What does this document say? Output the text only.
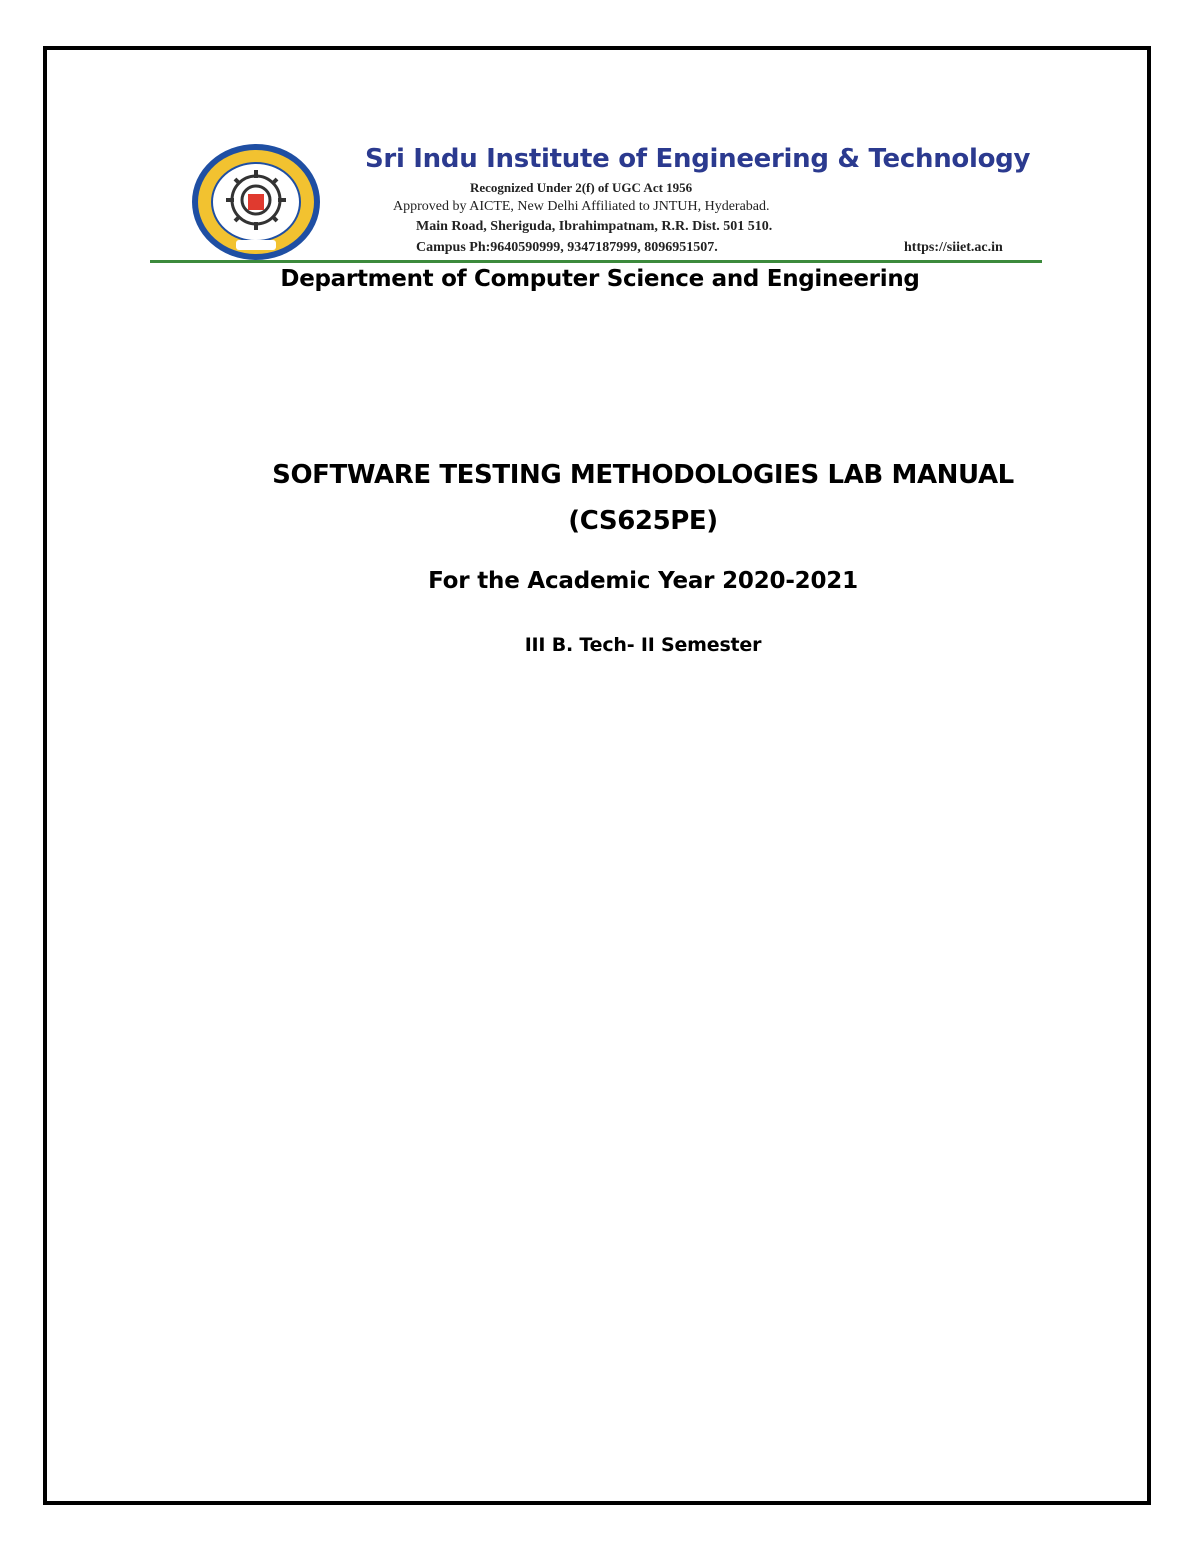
Sri Indu Institute of Engineering & Technology
Recognized Under 2(f) of UGC Act 1956
Approved by AICTE, New Delhi Affiliated to JNTUH, Hyderabad.
Main Road, Sheriguda, Ibrahimpatnam, R.R. Dist. 501 510.
Campus Ph:9640590999, 9347187999, 8096951507.	https://siiet.ac.in
Department of Computer Science and Engineering
SOFTWARE TESTING METHODOLOGIES LAB MANUAL
(CS625PE)
For the Academic Year 2020-2021
III B. Tech- II Semester
